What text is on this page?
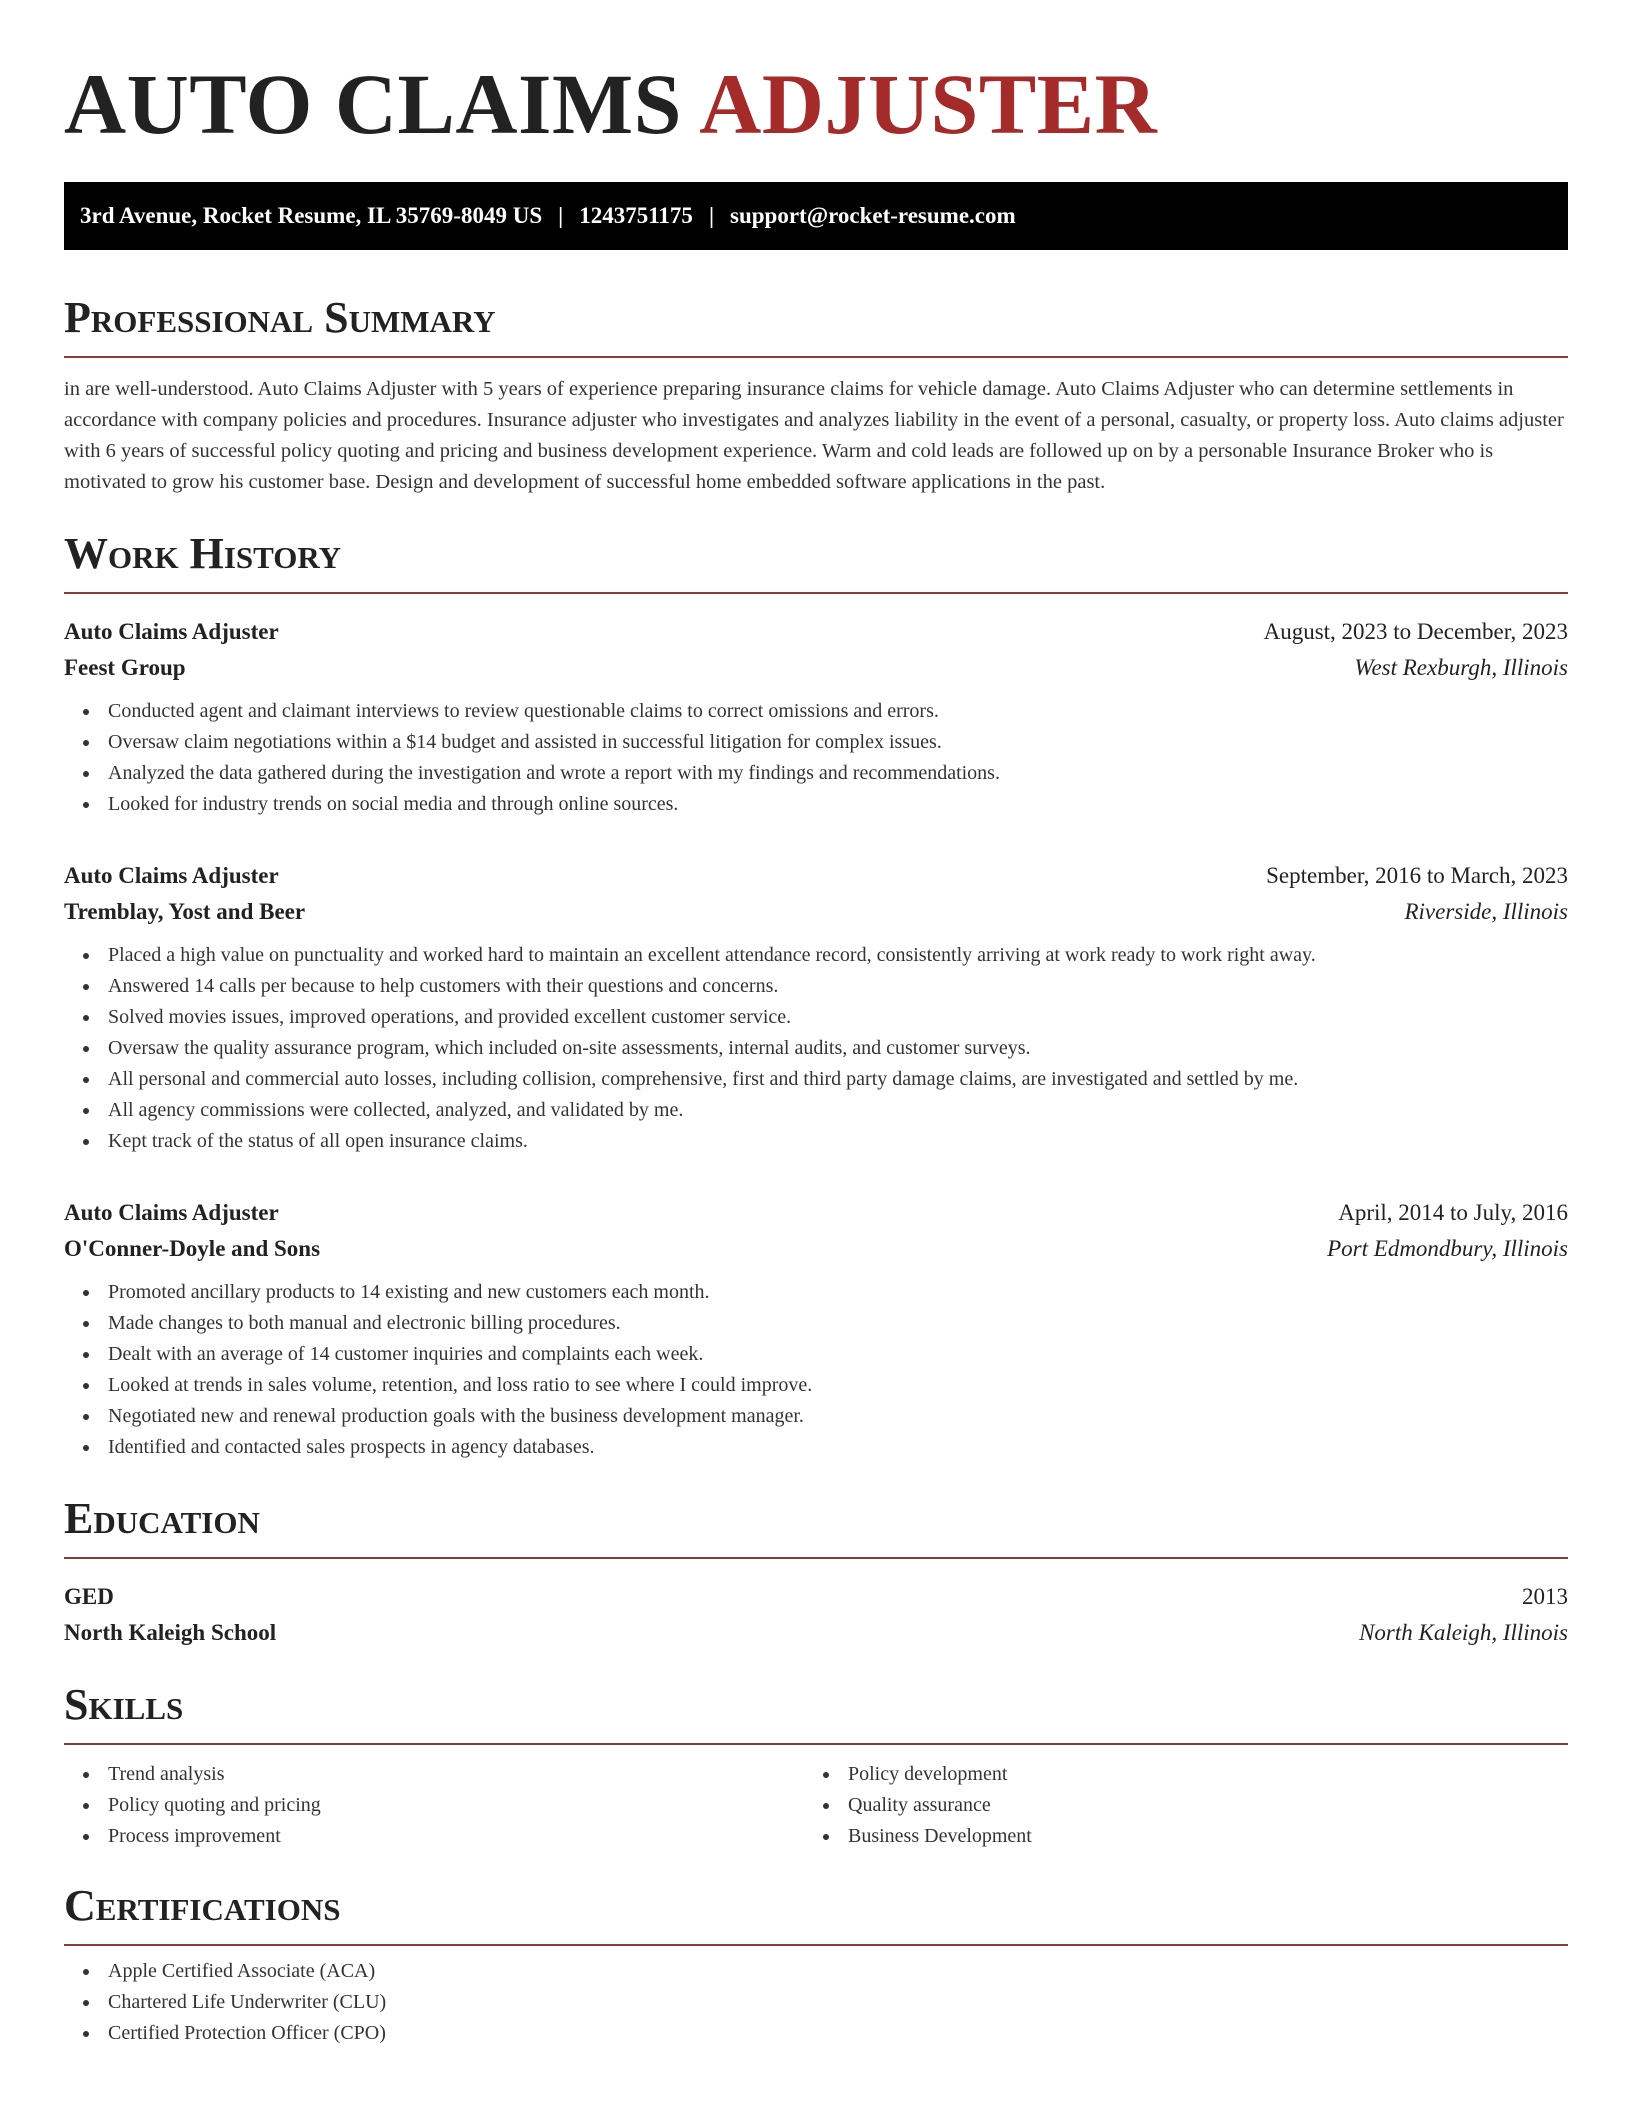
AUTO CLAIMS ADJUSTER
3rd Avenue, Rocket Resume, IL 35769-8049 US | 1243751175 | support@rocket-resume.com
Professional Summary

in are well-understood. Auto Claims Adjuster with 5 years of experience preparing insurance claims for vehicle damage. Auto Claims Adjuster who can determine settlements in accordance with company policies and procedures. Insurance adjuster who investigates and analyzes liability in the event of a personal, casualty, or property loss. Auto claims adjuster with 6 years of successful policy quoting and pricing and business development experience. Warm and cold leads are followed up on by a personable Insurance Broker who is motivated to grow his customer base. Design and development of successful home embedded software applications in the past.

Work History
Auto Claims Adjuster	August, 2023 to December, 2023
Feest Group	West Rexburgh, Illinois
Conducted agent and claimant interviews to review questionable claims to correct omissions and errors.
Oversaw claim negotiations within a $14 budget and assisted in successful litigation for complex issues.
Analyzed the data gathered during the investigation and wrote a report with my findings and recommendations.
Looked for industry trends on social media and through online sources.
Auto Claims Adjuster	September, 2016 to March, 2023
Tremblay, Yost and Beer	Riverside, Illinois
Placed a high value on punctuality and worked hard to maintain an excellent attendance record, consistently arriving at work ready to work right away.
Answered 14 calls per because to help customers with their questions and concerns.
Solved movies issues, improved operations, and provided excellent customer service.
Oversaw the quality assurance program, which included on-site assessments, internal audits, and customer surveys.
All personal and commercial auto losses, including collision, comprehensive, first and third party damage claims, are investigated and settled by me.
All agency commissions were collected, analyzed, and validated by me.
Kept track of the status of all open insurance claims.
Auto Claims Adjuster	April, 2014 to July, 2016
O'Conner-Doyle and Sons	Port Edmondbury, Illinois
Promoted ancillary products to 14 existing and new customers each month.
Made changes to both manual and electronic billing procedures.
Dealt with an average of 14 customer inquiries and complaints each week.
Looked at trends in sales volume, retention, and loss ratio to see where I could improve.
Negotiated new and renewal production goals with the business development manager.
Identified and contacted sales prospects in agency databases.
Education
GED	2013
North Kaleigh School	North Kaleigh, Illinois
Skills
Trend analysis
Policy quoting and pricing
Process improvement
Policy development
Quality assurance
Business Development
Certifications
Apple Certified Associate (ACA)
Chartered Life Underwriter (CLU)
Certified Protection Officer (CPO)
